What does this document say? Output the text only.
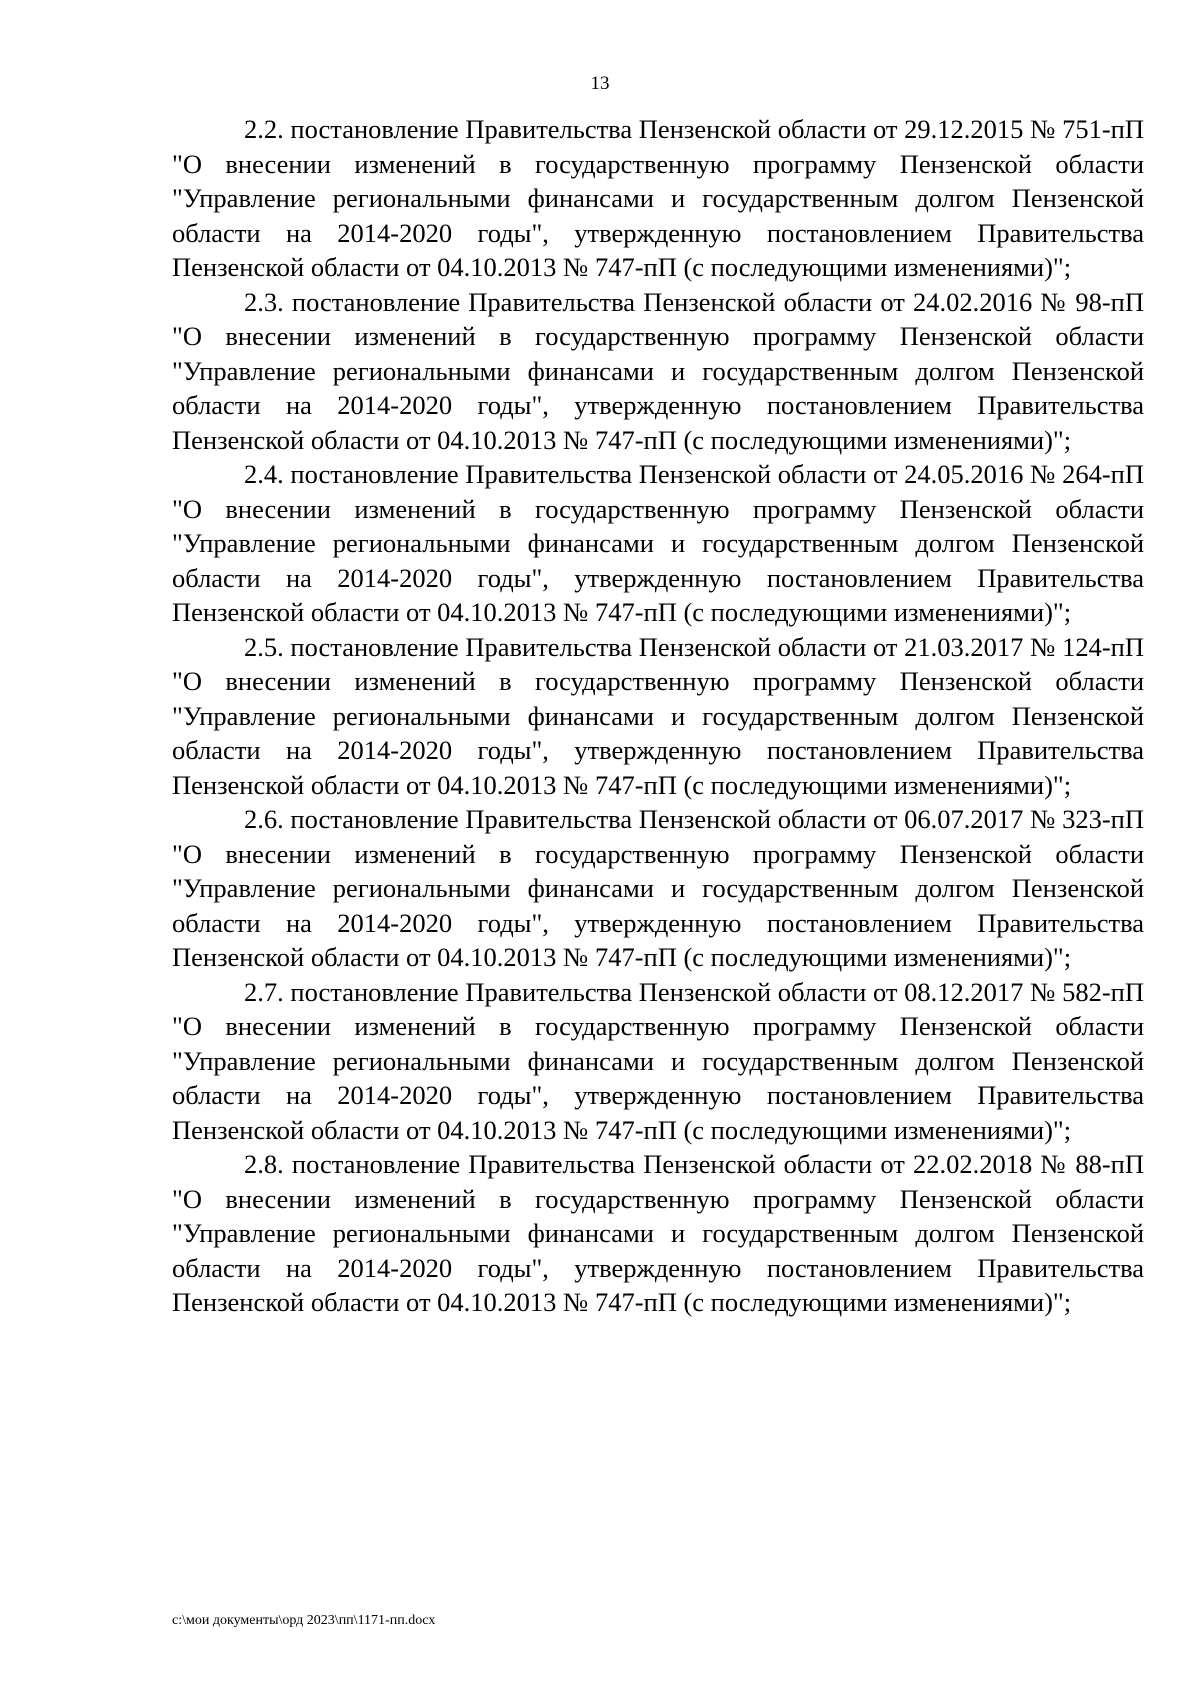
13

2.2. постановление Правительства Пензенской области от 29.12.2015 № 751-пП "О внесении изменений в государственную программу Пензенской области "Управление региональными финансами и государственным долгом Пензенской области на 2014-2020 годы", утвержденную постановлением Правительства Пензенской области от 04.10.2013 № 747-пП (с последующими изменениями)";

2.3. постановление Правительства Пензенской области от 24.02.2016 № 98-пП "О внесении изменений в государственную программу Пензенской области "Управление региональными финансами и государственным долгом Пензенской области на 2014-2020 годы", утвержденную постановлением Правительства Пензенской области от 04.10.2013 № 747-пП (с последующими изменениями)";

2.4. постановление Правительства Пензенской области от 24.05.2016 № 264-пП "О внесении изменений в государственную программу Пензенской области "Управление региональными финансами и государственным долгом Пензенской области на 2014-2020 годы", утвержденную постановлением Правительства Пензенской области от 04.10.2013 № 747-пП (с последующими изменениями)";

2.5. постановление Правительства Пензенской области от 21.03.2017 № 124-пП "О внесении изменений в государственную программу Пензенской области "Управление региональными финансами и государственным долгом Пензенской области на 2014-2020 годы", утвержденную постановлением Правительства Пензенской области от 04.10.2013 № 747-пП (с последующими изменениями)";

2.6. постановление Правительства Пензенской области от 06.07.2017 № 323-пП "О внесении изменений в государственную программу Пензенской области "Управление региональными финансами и государственным долгом Пензенской области на 2014-2020 годы", утвержденную постановлением Правительства Пензенской области от 04.10.2013 № 747-пП (с последующими изменениями)";

2.7. постановление Правительства Пензенской области от 08.12.2017 № 582-пП "О внесении изменений в государственную программу Пензенской области "Управление региональными финансами и государственным долгом Пензенской области на 2014-2020 годы", утвержденную постановлением Правительства Пензенской области от 04.10.2013 № 747-пП (с последующими изменениями)";

2.8. постановление Правительства Пензенской области от 22.02.2018 № 88-пП "О внесении изменений в государственную программу Пензенской области "Управление региональными финансами и государственным долгом Пензенской области на 2014-2020 годы", утвержденную постановлением Правительства Пензенской области от 04.10.2013 № 747-пП (с последующими изменениями)";

c:\мои документы\орд 2023\пп\1171-пп.docx
